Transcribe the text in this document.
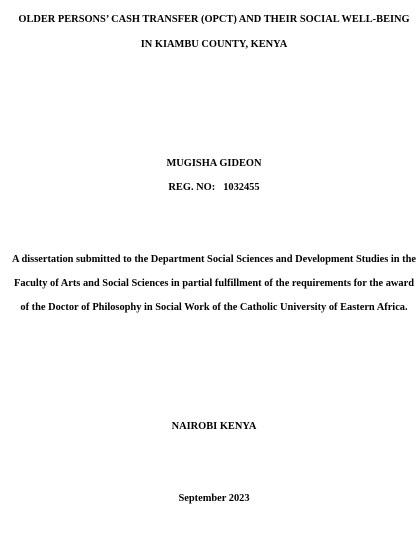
OLDER PERSONS’ CASH TRANSFER (OPCT) AND THEIR SOCIAL WELL-BEING
IN KIAMBU COUNTY, KENYA
MUGISHA GIDEON
REG. NO: 1032455
A dissertation submitted to the Department Social Sciences and Development Studies in the
Faculty of Arts and Social Sciences in partial fulfillment of the requirements for the award
of the Doctor of Philosophy in Social Work of the Catholic University of Eastern Africa.
NAIROBI KENYA
September 2023
